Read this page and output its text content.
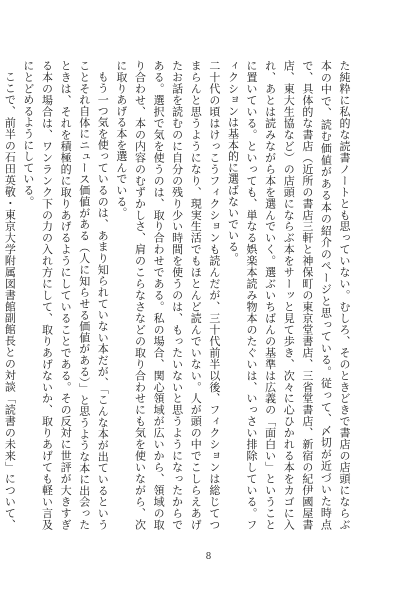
た純粋に私的な読書ノートとも思っていない。むしろ、そのときどきで書店の店頭にならぶ本の中で、読む価値がある本の紹介のページと思っている。従って、〆切が近づいた時点で、具体的な書店（近所の書店三軒と神保町の東京堂書店、三省堂書店、新宿の紀伊國屋書店、東大生協など）の店頭にならぶ本をサーッと見て歩き、次々に心ひかれる本をカゴに入れ、あとは読みながら本を選んでいく。選ぶいちばんの基準は広義の「面白い」ということに置いている。といっても、単なる娯楽本読み物本のたぐいは、いっさい排除している。フィクションは基本的に選ばないでいる。

二十代の頃はけっこうフィクションも読んだが、三十代前半以後、フィクションは総じてつまらんと思うようになり、現実生活でもほとんど読んでいない。人が頭の中でこしらえあげたお話を読むのに自分の残り少い時間を使うのは、もったいないと思うようになったからである。選択で気を使うのは、取り合わせである。私の場合、関心領域が広いから、領域の取り合わせ、本の内容のむずかしさ、肩のこらなさなどの取り合わせにも気を使いながら、次に取りあげる本を選んでいる。

もう一つ気を使っているのは、あまり知られていない本だが、「こんな本が出ているということそれ自体にニュース価値がある（人に知らせる価値がある）」と思うような本に出会ったときは、それを積極的に取りあげるようにしていることである。その反対に世評が大きすぎる本の場合は、ワンランク下の力の入れ方にして、取りあげないか、取りあげても軽い言及にとどめるようにしている。

ここで、前半の石田英敬・東京大学附属図書館副館長との対談「読書の未来」について、

8
